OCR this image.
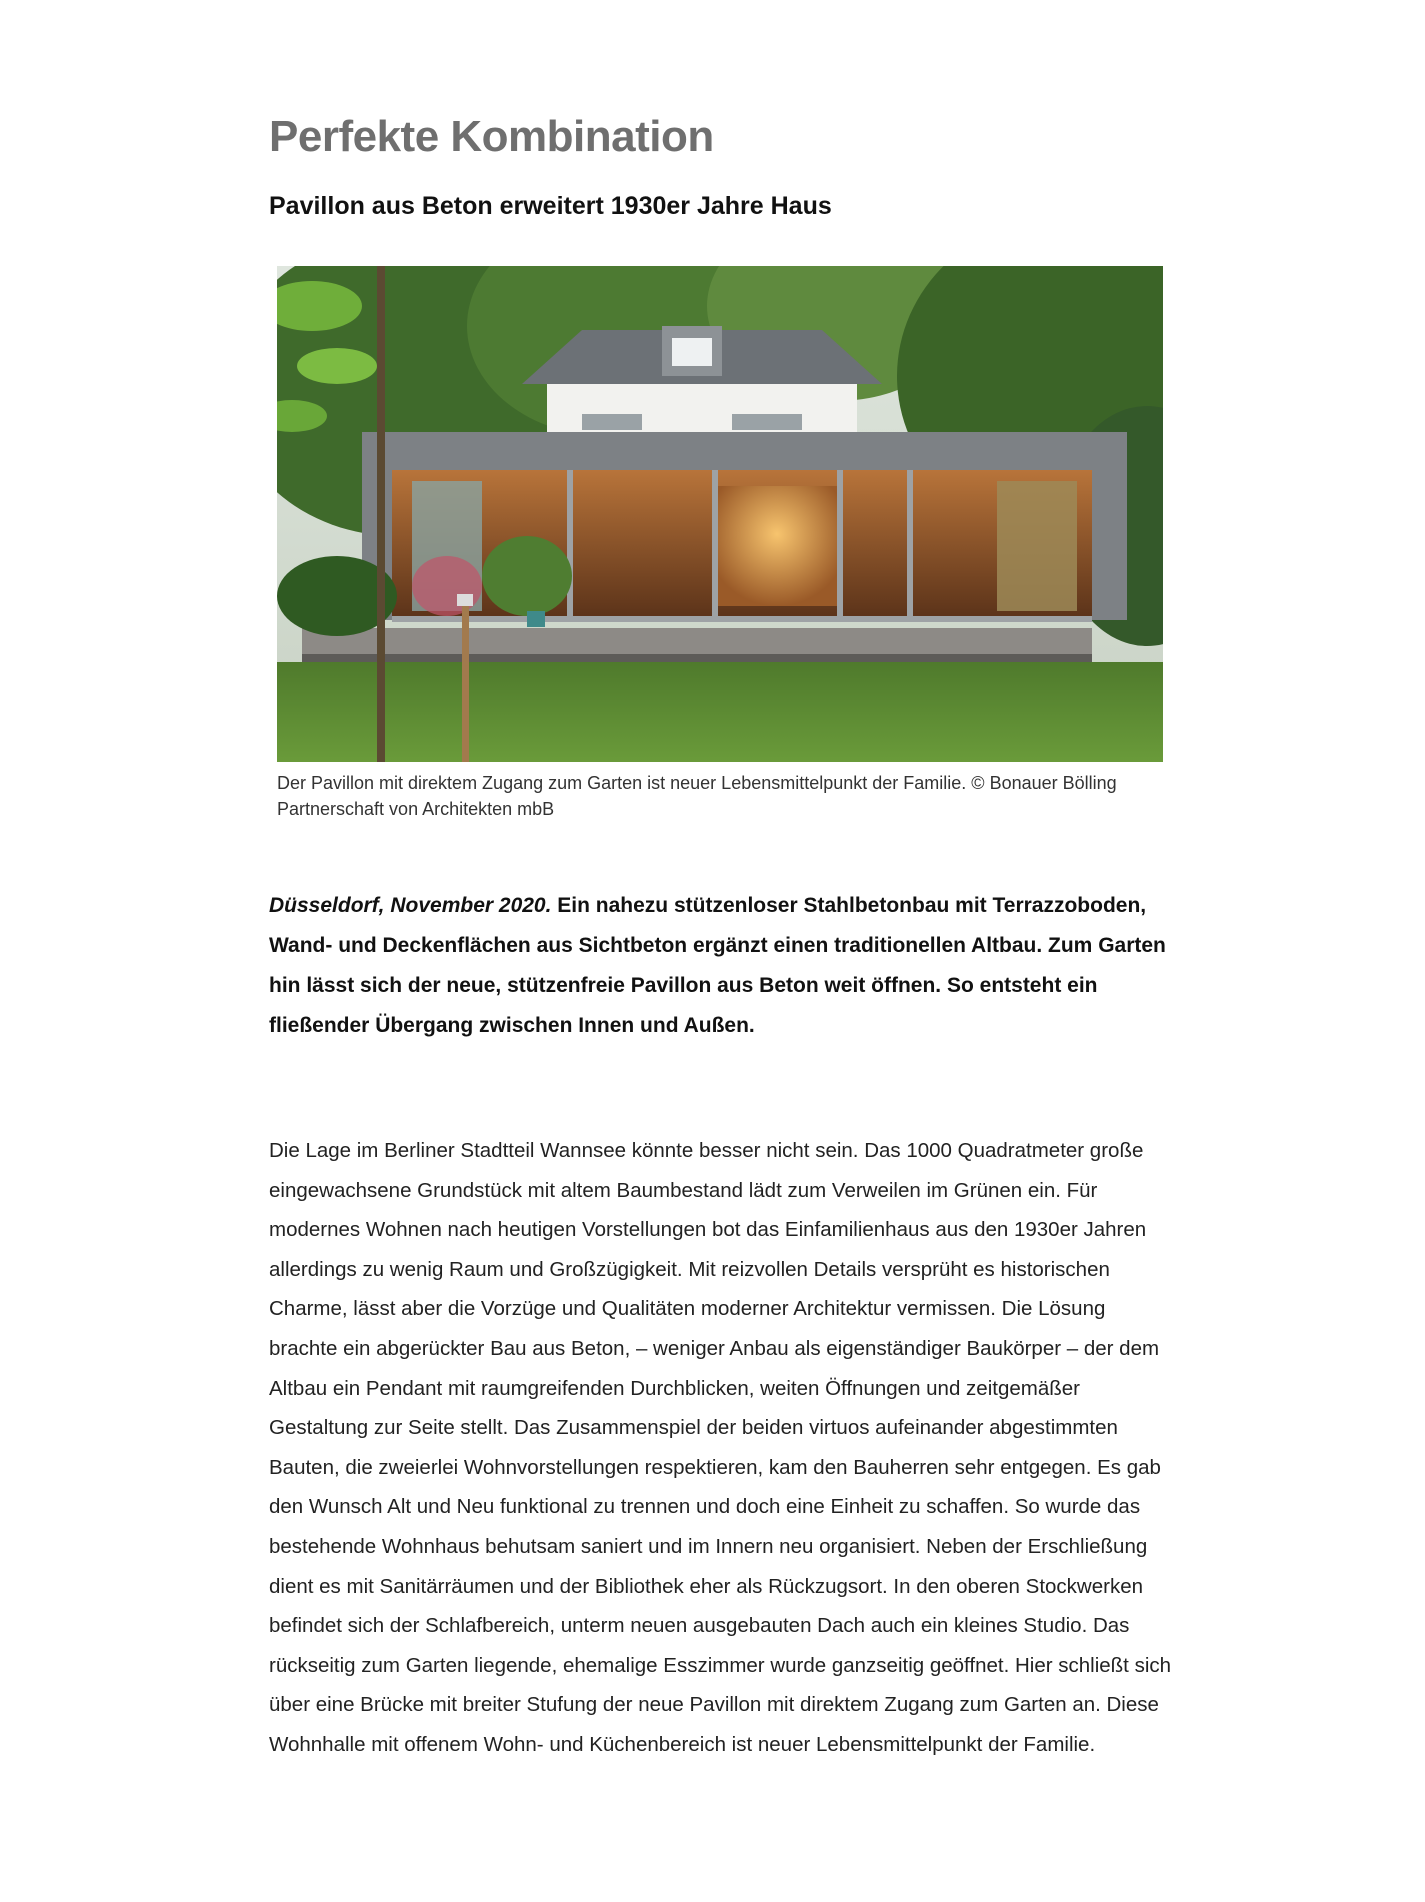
Perfekte Kombination
Pavillon aus Beton erweitert 1930er Jahre Haus

Der Pavillon mit direktem Zugang zum Garten ist neuer Lebensmittelpunkt der Familie. © Bonauer Bölling Partnerschaft von Architekten mbB

Düsseldorf, November 2020. Ein nahezu stützenloser Stahlbetonbau mit Terrazzoboden, Wand- und Deckenflächen aus Sichtbeton ergänzt einen traditionellen Altbau. Zum Garten hin lässt sich der neue, stützenfreie Pavillon aus Beton weit öffnen. So entsteht ein fließender Übergang zwischen Innen und Außen.

Die Lage im Berliner Stadtteil Wannsee könnte besser nicht sein. Das 1000 Quadratmeter große eingewachsene Grundstück mit altem Baumbestand lädt zum Verweilen im Grünen ein. Für modernes Wohnen nach heutigen Vorstellungen bot das Einfamilienhaus aus den 1930er Jahren allerdings zu wenig Raum und Großzügigkeit. Mit reizvollen Details versprüht es historischen Charme, lässt aber die Vorzüge und Qualitäten moderner Architektur vermissen. Die Lösung brachte ein abgerückter Bau aus Beton, – weniger Anbau als eigenständiger Baukörper – der dem Altbau ein Pendant mit raumgreifenden Durchblicken, weiten Öffnungen und zeitgemäßer Gestaltung zur Seite stellt. Das Zusammenspiel der beiden virtuos aufeinander abgestimmten Bauten, die zweierlei Wohnvorstellungen respektieren, kam den Bauherren sehr entgegen. Es gab den Wunsch Alt und Neu funktional zu trennen und doch eine Einheit zu schaffen. So wurde das bestehende Wohnhaus behutsam saniert und im Innern neu organisiert. Neben der Erschließung dient es mit Sanitärräumen und der Bibliothek eher als Rückzugsort. In den oberen Stockwerken befindet sich der Schlafbereich, unterm neuen ausgebauten Dach auch ein kleines Studio. Das rückseitig zum Garten liegende, ehemalige Esszimmer wurde ganzseitig geöffnet. Hier schließt sich über eine Brücke mit breiter Stufung der neue Pavillon mit direktem Zugang zum Garten an. Diese Wohnhalle mit offenem Wohn- und Küchenbereich ist neuer Lebensmittelpunkt der Familie.
